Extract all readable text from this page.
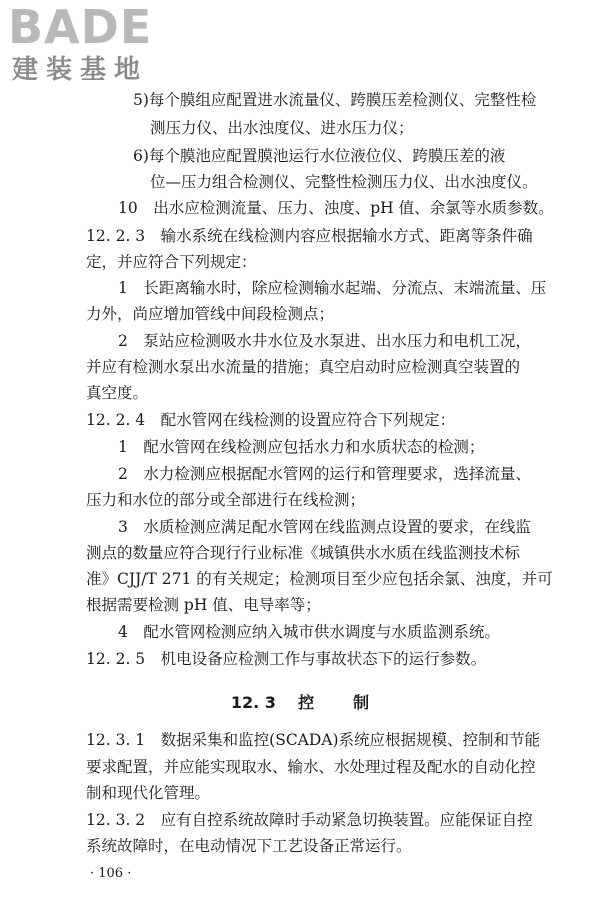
BADE
建装基地
5)每个膜组应配置进水流量仪、跨膜压差检测仪、完整性检
测压力仪、出水浊度仪、进水压力仪；
6)每个膜池应配置膜池运行水位液位仪、跨膜压差的液
位—压力组合检测仪、完整性检测压力仪、出水浊度仪。
10　出水应检测流量、压力、浊度、pH 值、余氯等水质参数。
12. 2. 3　输水系统在线检测内容应根据输水方式、距离等条件确
定，并应符合下列规定：
1　长距离输水时，除应检测输水起端、分流点、末端流量、压
力外，尚应增加管线中间段检测点；
2　泵站应检测吸水井水位及水泵进、出水压力和电机工况，
并应有检测水泵出水流量的措施；真空启动时应检测真空装置的
真空度。
12. 2. 4　配水管网在线检测的设置应符合下列规定：
1　配水管网在线检测应包括水力和水质状态的检测；
2　水力检测应根据配水管网的运行和管理要求，选择流量、
压力和水位的部分或全部进行在线检测；
3　水质检测应满足配水管网在线监测点设置的要求，在线监
测点的数量应符合现行行业标准《城镇供水水质在线监测技术标
准》CJJ/T 271 的有关规定；检测项目至少应包括余氯、浊度，并可
根据需要检测 pH 值、电导率等；
4　配水管网检测应纳入城市供水调度与水质监测系统。
12. 2. 5　机电设备应检测工作与事故状态下的运行参数。
12. 3 控 制
12. 3. 1　数据采集和监控(SCADA)系统应根据规模、控制和节能
要求配置，并应能实现取水、输水、水处理过程及配水的自动化控
制和现代化管理。
12. 3. 2　应有自控系统故障时手动紧急切换装置。应能保证自控
系统故障时，在电动情况下工艺设备正常运行。
· 106 ·
